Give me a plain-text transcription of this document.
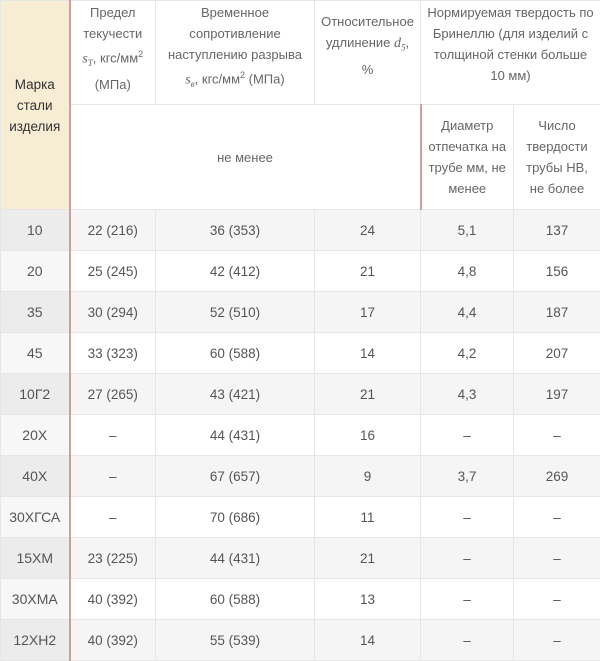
Марка стали изделия	Предел
текучести
$s_T$, кгс/$мм^2$
(МПа)	Временное
сопротивление
наступлению разрыва
$s_в$, кгс/$мм^2$ (МПа)	Относительное
удлинение $d_5$,
%	Нормируемая твердость по Бринеллю (для изделий с толщиной стенки больше 10 мм)	
	не менее			Диаметр отпечатка на трубе мм, не менее	Число твердости трубы НВ, не более
10	22 (216)	36 (353)	24	5,1	137
20	25 (245)	42 (412)	21	4,8	156
35	30 (294)	52 (510)	17	4,4	187
45	33 (323)	60 (588)	14	4,2	207
10Г2	27 (265)	43 (421)	21	4,3	197
20Х	–	44 (431)	16	–	–
40Х	–	67 (657)	9	3,7	269
30ХГСА	–	70 (686)	11	–	–
15ХМ	23 (225)	44 (431)	21	–	–
30ХМА	40 (392)	60 (588)	13	–	–
12ХН2	40 (392)	55 (539)	14	–	–
